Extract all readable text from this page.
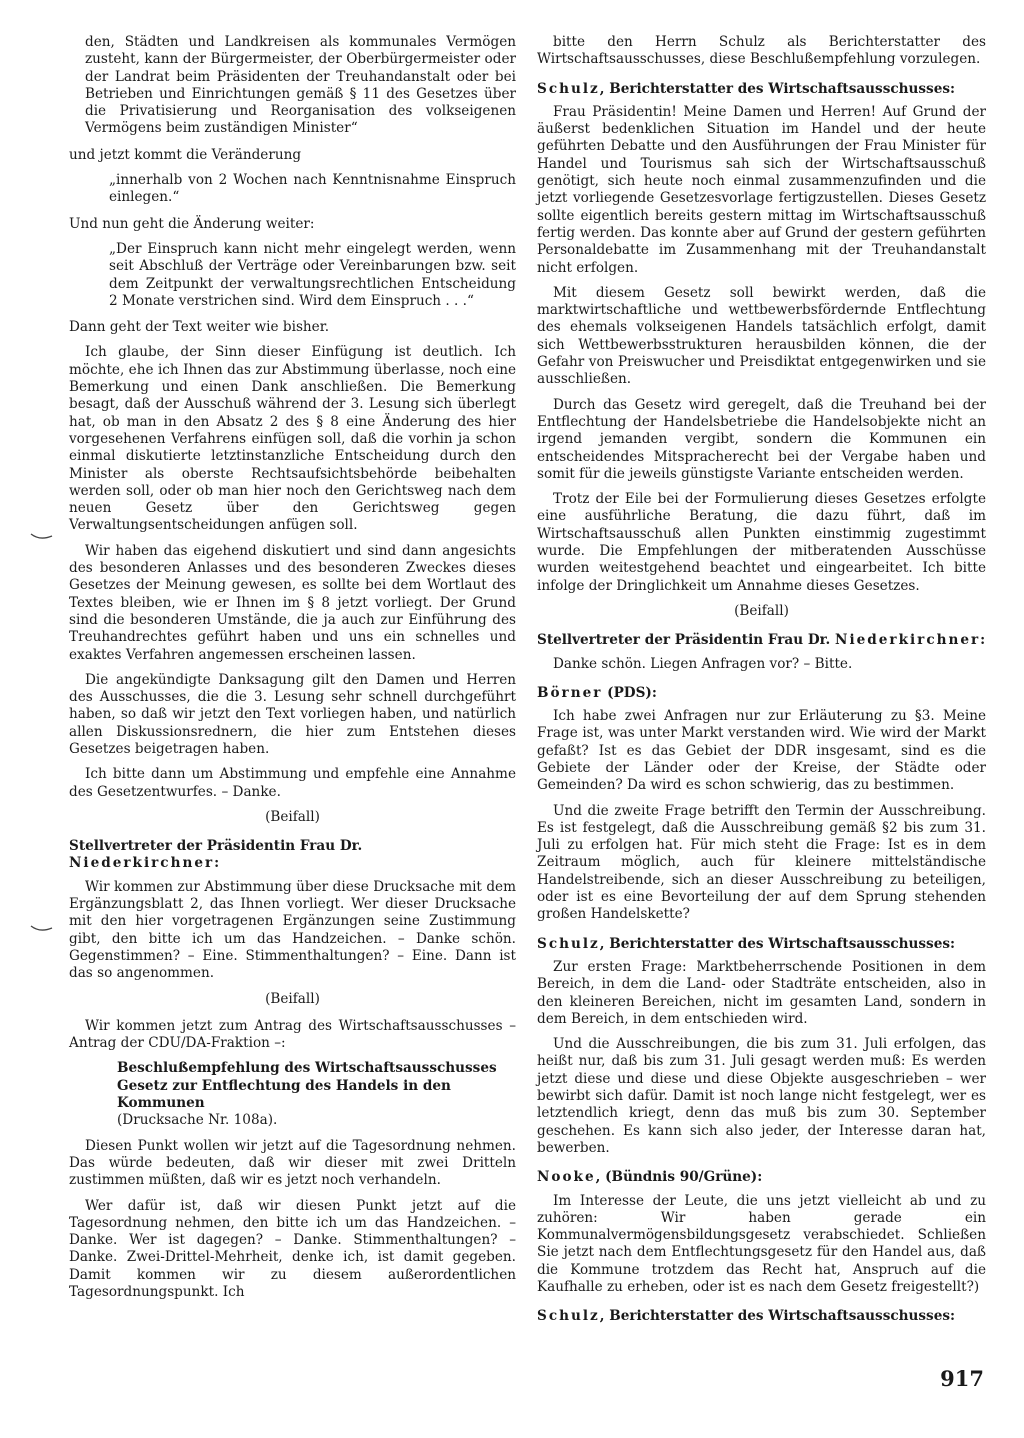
den, Städten und Landkreisen als kommunales Vermögen zusteht, kann der Bürgermeister, der Oberbürgermeister oder der Landrat beim Präsidenten der Treuhandanstalt oder bei Betrieben und Einrichtungen gemäß § 11 des Gesetzes über die Privatisierung und Reorganisation des volkseigenen Vermögens beim zuständigen Minister“

und jetzt kommt die Veränderung

„innerhalb von 2 Wochen nach Kenntnisnahme Einspruch einlegen.“

Und nun geht die Änderung weiter:

„Der Einspruch kann nicht mehr eingelegt werden, wenn seit Abschluß der Verträge oder Vereinbarungen bzw. seit dem Zeitpunkt der verwaltungsrechtlichen Entscheidung 2 Monate verstrichen sind. Wird dem Einspruch . . .“

Dann geht der Text weiter wie bisher.

Ich glaube, der Sinn dieser Einfügung ist deutlich. Ich möchte, ehe ich Ihnen das zur Abstimmung überlasse, noch eine Bemerkung und einen Dank anschließen. Die Bemerkung besagt, daß der Ausschuß während der 3. Lesung sich überlegt hat, ob man in den Absatz 2 des § 8 eine Änderung des hier vorgesehenen Verfahrens einfügen soll, daß die vorhin ja schon einmal diskutierte letztinstanzliche Entscheidung durch den Minister als oberste Rechtsaufsichtsbehörde beibehalten werden soll, oder ob man hier noch den Gerichtsweg nach dem neuen Gesetz über den Gerichtsweg gegen Verwaltungsentscheidungen anfügen soll.

Wir haben das eigehend diskutiert und sind dann angesichts des besonderen Anlasses und des besonderen Zweckes dieses Gesetzes der Meinung gewesen, es sollte bei dem Wortlaut des Textes bleiben, wie er Ihnen im § 8 jetzt vorliegt. Der Grund sind die besonderen Umstände, die ja auch zur Einführung des Treuhandrechtes geführt haben und uns ein schnelles und exaktes Verfahren angemessen erscheinen lassen.

Die angekündigte Danksagung gilt den Damen und Herren des Ausschusses, die die 3. Lesung sehr schnell durchgeführt haben, so daß wir jetzt den Text vorliegen haben, und natürlich allen Diskussionsrednern, die hier zum Entstehen dieses Gesetzes beigetragen haben.

Ich bitte dann um Abstimmung und empfehle eine Annahme des Gesetzentwurfes. – Danke.

(Beifall)
Stellvertreter der Präsidentin Frau Dr. Niederkirchner:

Wir kommen zur Abstimmung über diese Drucksache mit dem Ergänzungsblatt 2, das Ihnen vorliegt. Wer dieser Drucksache mit den hier vorgetragenen Ergänzungen seine Zustimmung gibt, den bitte ich um das Handzeichen. – Danke schön. Gegenstimmen? – Eine. Stimmenthaltungen? – Eine. Dann ist das so angenommen.

(Beifall)

Wir kommen jetzt zum Antrag des Wirtschaftsausschusses – Antrag der CDU/DA-Fraktion –:

Beschlußempfehlung des Wirtschaftsausschusses Gesetz zur Entflechtung des Handels in den Kommunen
(Drucksache Nr. 108a).

Diesen Punkt wollen wir jetzt auf die Tagesordnung nehmen. Das würde bedeuten, daß wir dieser mit zwei Dritteln zustimmen müßten, daß wir es jetzt noch verhandeln.

Wer dafür ist, daß wir diesen Punkt jetzt auf die Tagesordnung nehmen, den bitte ich um das Handzeichen. – Danke. Wer ist dagegen? – Danke. Stimmenthaltungen? – Danke. Zwei-Drittel-Mehrheit, denke ich, ist damit gegeben. Damit kommen wir zu diesem außerordentlichen Tagesordnungspunkt. Ich

bitte den Herrn Schulz als Berichterstatter des Wirtschaftsausschusses, diese Beschlußempfehlung vorzulegen.

Schulz, Berichterstatter des Wirtschaftsausschusses:

Frau Präsidentin! Meine Damen und Herren! Auf Grund der äußerst bedenklichen Situation im Handel und der heute geführten Debatte und den Ausführungen der Frau Minister für Handel und Tourismus sah sich der Wirtschaftsausschuß genötigt, sich heute noch einmal zusammenzufinden und die jetzt vorliegende Gesetzesvorlage fertigzustellen. Dieses Gesetz sollte eigentlich bereits gestern mittag im Wirtschaftsausschuß fertig werden. Das konnte aber auf Grund der gestern geführten Personaldebatte im Zusammenhang mit der Treuhandanstalt nicht erfolgen.

Mit diesem Gesetz soll bewirkt werden, daß die marktwirtschaftliche und wettbewerbsfördernde Entflechtung des ehemals volkseigenen Handels tatsächlich erfolgt, damit sich Wettbewerbsstrukturen herausbilden können, die der Gefahr von Preiswucher und Preisdiktat entgegenwirken und sie ausschließen.

Durch das Gesetz wird geregelt, daß die Treuhand bei der Entflechtung der Handelsbetriebe die Handelsobjekte nicht an irgend jemanden vergibt, sondern die Kommunen ein entscheidendes Mitspracherecht bei der Vergabe haben und somit für die jeweils günstigste Variante entscheiden werden.

Trotz der Eile bei der Formulierung dieses Gesetzes erfolgte eine ausführliche Beratung, die dazu führt, daß im Wirtschaftsausschuß allen Punkten einstimmig zugestimmt wurde. Die Empfehlungen der mitberatenden Ausschüsse wurden weitestgehend beachtet und eingearbeitet. Ich bitte infolge der Dringlichkeit um Annahme dieses Gesetzes.

(Beifall)
Stellvertreter der Präsidentin Frau Dr. Niederkirchner:

Danke schön. Liegen Anfragen vor? – Bitte.

Börner (PDS):

Ich habe zwei Anfragen nur zur Erläuterung zu §3. Meine Frage ist, was unter Markt verstanden wird. Wie wird der Markt gefaßt? Ist es das Gebiet der DDR insgesamt, sind es die Gebiete der Länder oder der Kreise, der Städte oder Gemeinden? Da wird es schon schwierig, das zu bestimmen.

Und die zweite Frage betrifft den Termin der Ausschreibung. Es ist festgelegt, daß die Ausschreibung gemäß §2 bis zum 31. Juli zu erfolgen hat. Für mich steht die Frage: Ist es in dem Zeitraum möglich, auch für kleinere mittelständische Handelstreibende, sich an dieser Ausschreibung zu beteiligen, oder ist es eine Bevorteilung der auf dem Sprung stehenden großen Handelskette?

Schulz, Berichterstatter des Wirtschaftsausschusses:

Zur ersten Frage: Marktbeherrschende Positionen in dem Bereich, in dem die Land- oder Stadträte entscheiden, also in den kleineren Bereichen, nicht im gesamten Land, sondern in dem Bereich, in dem entschieden wird.

Und die Ausschreibungen, die bis zum 31. Juli erfolgen, das heißt nur, daß bis zum 31. Juli gesagt werden muß: Es werden jetzt diese und diese und diese Objekte ausgeschrieben – wer bewirbt sich dafür. Damit ist noch lange nicht festgelegt, wer es letztendlich kriegt, denn das muß bis zum 30. September geschehen. Es kann sich also jeder, der Interesse daran hat, bewerben.

Nooke, (Bündnis 90/Grüne):

Im Interesse der Leute, die uns jetzt vielleicht ab und zu zuhören: Wir haben gerade ein Kommunalvermögensbildungsgesetz verabschiedet. Schließen Sie jetzt nach dem Entflechtungsgesetz für den Handel aus, daß die Kommune trotzdem das Recht hat, Anspruch auf die Kaufhalle zu erheben, oder ist es nach dem Gesetz freigestellt?)

Schulz, Berichterstatter des Wirtschaftsausschusses:
917
